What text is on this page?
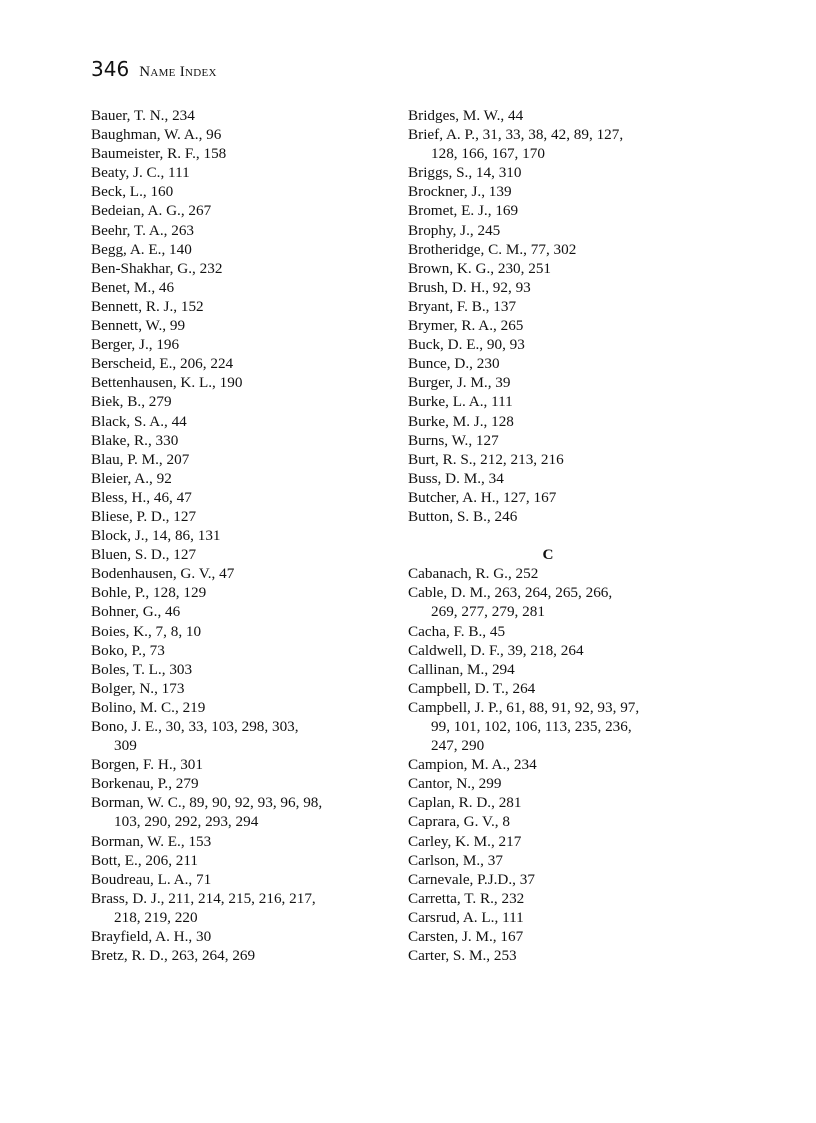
346 Name Index
Bauer, T. N., 234
Baughman, W. A., 96
Baumeister, R. F., 158
Beaty, J. C., 111
Beck, L., 160
Bedeian, A. G., 267
Beehr, T. A., 263
Begg, A. E., 140
Ben-Shakhar, G., 232
Benet, M., 46
Bennett, R. J., 152
Bennett, W., 99
Berger, J., 196
Berscheid, E., 206, 224
Bettenhausen, K. L., 190
Biek, B., 279
Black, S. A., 44
Blake, R., 330
Blau, P. M., 207
Bleier, A., 92
Bless, H., 46, 47
Bliese, P. D., 127
Block, J., 14, 86, 131
Bluen, S. D., 127
Bodenhausen, G. V., 47
Bohle, P., 128, 129
Bohner, G., 46
Boies, K., 7, 8, 10
Boko, P., 73
Boles, T. L., 303
Bolger, N., 173
Bolino, M. C., 219
Bono, J. E., 30, 33, 103, 298, 303,
309
Borgen, F. H., 301
Borkenau, P., 279
Borman, W. C., 89, 90, 92, 93, 96, 98,
103, 290, 292, 293, 294
Borman, W. E., 153
Bott, E., 206, 211
Boudreau, L. A., 71
Brass, D. J., 211, 214, 215, 216, 217,
218, 219, 220
Brayfield, A. H., 30
Bretz, R. D., 263, 264, 269
Bridges, M. W., 44
Brief, A. P., 31, 33, 38, 42, 89, 127,
128, 166, 167, 170
Briggs, S., 14, 310
Brockner, J., 139
Bromet, E. J., 169
Brophy, J., 245
Brotheridge, C. M., 77, 302
Brown, K. G., 230, 251
Brush, D. H., 92, 93
Bryant, F. B., 137
Brymer, R. A., 265
Buck, D. E., 90, 93
Bunce, D., 230
Burger, J. M., 39
Burke, L. A., 111
Burke, M. J., 128
Burns, W., 127
Burt, R. S., 212, 213, 216
Buss, D. M., 34
Butcher, A. H., 127, 167
Button, S. B., 246
C
Cabanach, R. G., 252
Cable, D. M., 263, 264, 265, 266,
269, 277, 279, 281
Cacha, F. B., 45
Caldwell, D. F., 39, 218, 264
Callinan, M., 294
Campbell, D. T., 264
Campbell, J. P., 61, 88, 91, 92, 93, 97,
99, 101, 102, 106, 113, 235, 236,
247, 290
Campion, M. A., 234
Cantor, N., 299
Caplan, R. D., 281
Caprara, G. V., 8
Carley, K. M., 217
Carlson, M., 37
Carnevale, P.J.D., 37
Carretta, T. R., 232
Carsrud, A. L., 111
Carsten, J. M., 167
Carter, S. M., 253
